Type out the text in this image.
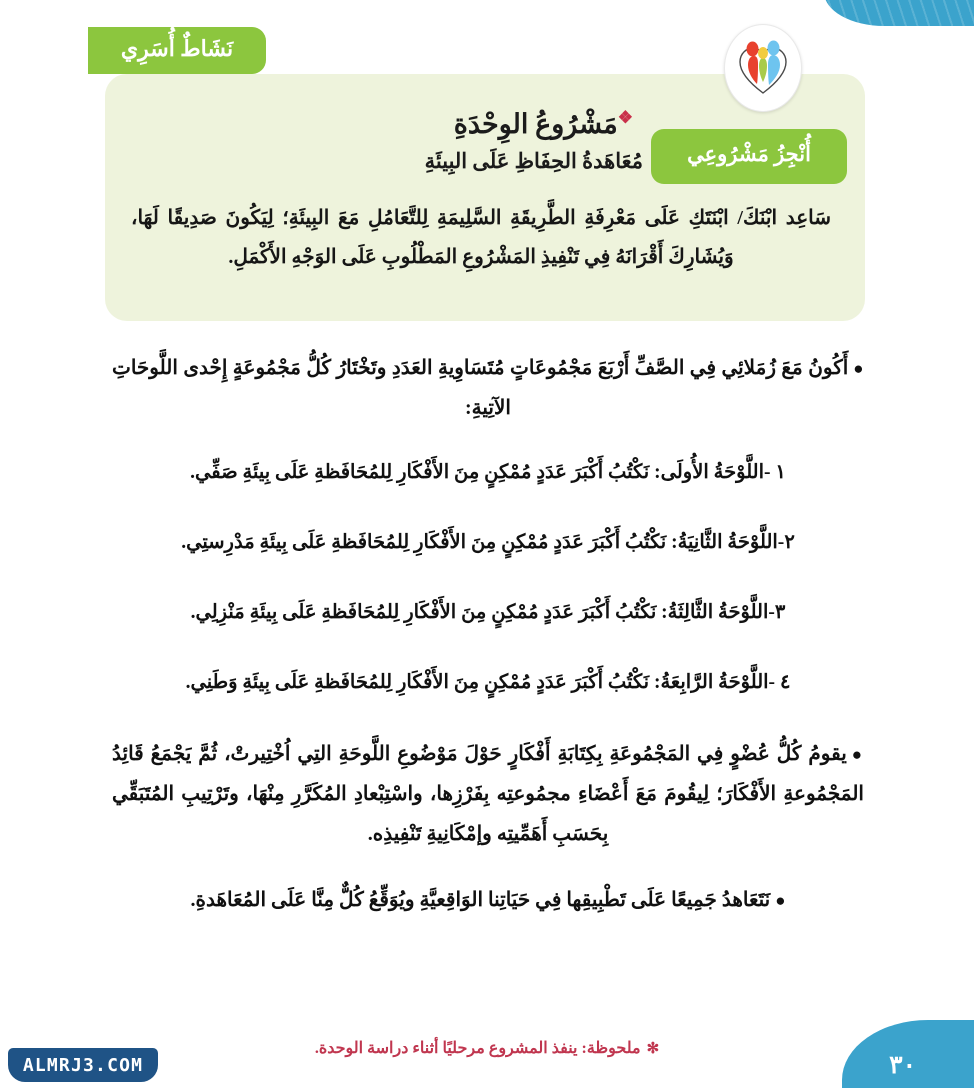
نَشَاطٌ أُسَرِي
أُنْجِزُ مَشْرُوعِي
❖مَشْرُوعُ الوِحْدَةِ
مُعَاهَدةُ الحِفَاظِ عَلَى البِيئَةِ
سَاعِد ابْنَكَ/ ابْنَتَكِ عَلَى مَعْرِفَةِ الطَّرِيقَةِ السَّلِيمَةِ لِلتَّعَامُلِ مَعَ البِيئَةِ؛ لِيَكُونَ صَدِيقًا لَهَا، وَيُشَارِكَ أَقْرَانَهُ فِي تَنْفِيذِ المَشْرُوعِ المَطْلُوبِ عَلَى الوَجْهِ الأَكْمَلِ.

●أَكُونُ مَعَ زُمَلائِي فِي الصَّفِّ أَرْبَعَ مَجْمُوعَاتٍ مُتَسَاوِيةِ العَدَدِ وتَخْتَارُ كُلُّ مَجْمُوعَةٍ إِحْدى اللَّوحَاتِ الآتِيةِ:

١ -اللَّوْحَةُ الأُولَى: نَكْتُبُ أَكْبَرَ عَدَدٍ مُمْكِنٍ مِنَ الأَفْكَارِ لِلمُحَافَظةِ عَلَى بِيئَةِ صَفِّي.

٢-اللَّوْحَةُ الثَّانِيَةُ: نَكْتُبُ أَكْبَرَ عَدَدٍ مُمْكِنٍ مِنَ الأَفْكَارِ لِلمُحَافَظةِ عَلَى بِيئَةِ مَدْرِستِي.

٣-اللَّوْحَةُ الثَّالِثَةُ: نَكْتُبُ أَكْبَرَ عَدَدٍ مُمْكِنٍ مِنَ الأَفْكَارِ لِلمُحَافَظةِ عَلَى بِيئَةِ مَنْزِلِي.

٤ -اللَّوْحَةُ الرَّابِعَةُ: نَكْتُبُ أَكْبَرَ عَدَدٍ مُمْكِنٍ مِنَ الأَفْكَارِ لِلمُحَافَظةِ عَلَى بِيئَةِ وَطَنِي.

●يقومُ كُلُّ عُضْوٍ فِي المَجْمُوعَةِ بِكِتَابَةِ أَفْكَارٍ حَوْلَ مَوْضُوعِ اللَّوحَةِ التِي اُخْتِيرتْ، ثُمَّ يَجْمَعُ قَائِدُ المَجْمُوعةِ الأَفْكَارَ؛ لِيقُومَ مَعَ أَعْضَاءِ مجمُوعتِه بِفَرْزِها، واسْتِبْعادِ المُكَرَّرِ مِنْهَا، وتَرْتِيبِ المُتَبَقِّي بِحَسَبِ أَهَمِّيتِه وإمْكَانِيةِ تَنْفِيذِه.

●نَتَعَاهدُ جَمِيعًا عَلَى تَطْبِيقِها فِي حَيَاتِنا الوَاقِعيَّةِ ويُوَقِّعُ كُلٌّ مِنَّا عَلَى المُعَاهَدةِ.

✻ملحوظة: ينفذ المشروع مرحليًا أثناء دراسة الوحدة.
٣٠
ALMRJ3.COM
